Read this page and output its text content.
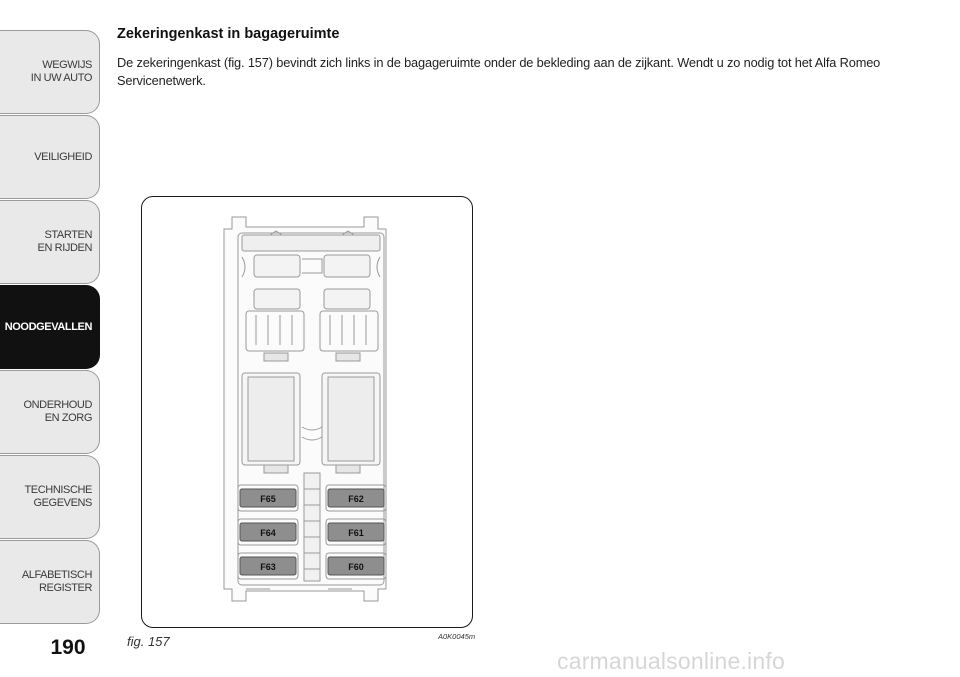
WEGWIJS
IN UW AUTO
VEILIGHEID
STARTEN
EN RIJDEN
NOODGEVALLEN
ONDERHOUD
EN ZORG
TECHNISCHE
GEGEVENS
ALFABETISCH
REGISTER
190
Zekeringenkast in bagageruimte
De zekeringenkast (fig. 157) bevindt zich links in de bagageruimte onder de bekleding aan de zijkant. Wendt u zo nodig tot het Alfa Romeo Servicenetwerk.
F65
F64
F63
F62
F61
F60
fig. 157	A0K0045m
carmanualsonline.info
